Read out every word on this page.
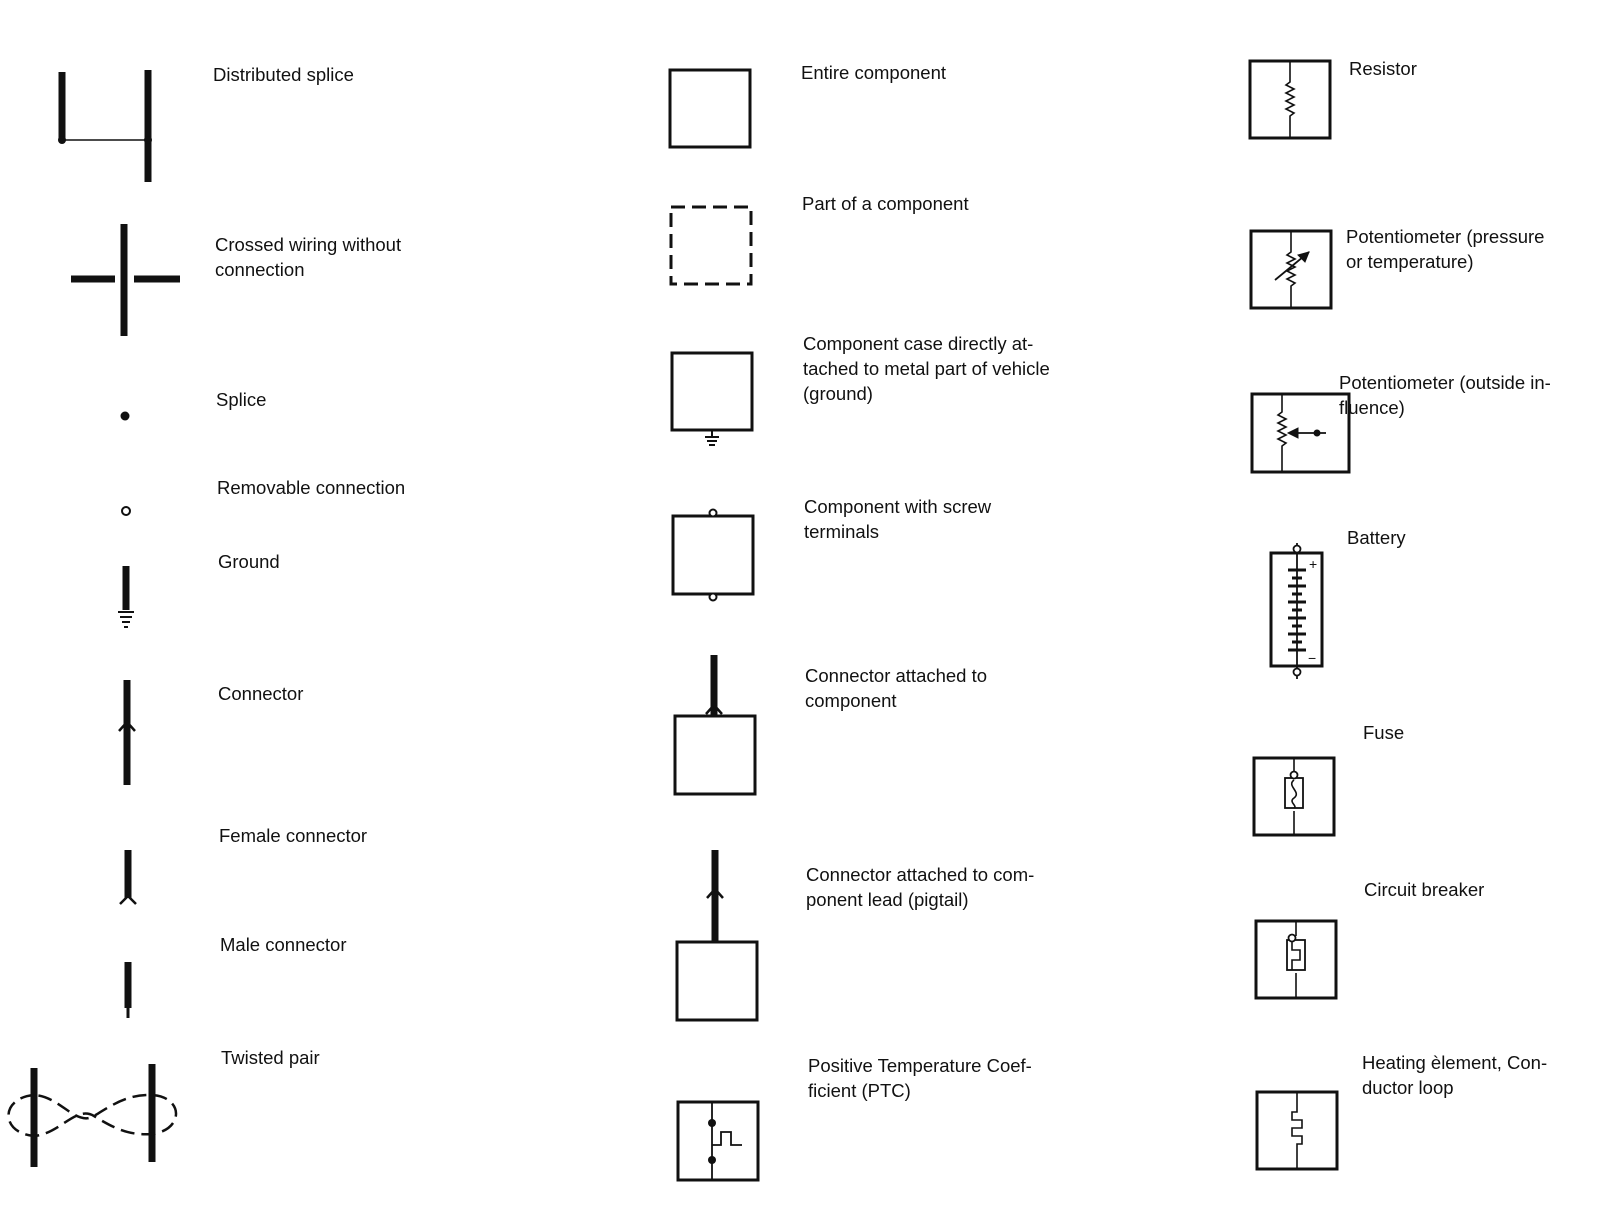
Distributed splice
Crossed wiring without connection
Splice
Removable connection
Ground
Connector
Female connector
Male connector
Twisted pair
Entire component
Part of a component
Component case directly at- tached to metal part of vehicle (ground)
Component with screw terminals
Connector attached to component
Connector attached to com- ponent lead (pigtail)
Positive Temperature Coef- ficient (PTC)
Resistor
Potentiometer (pressure or temperature)
Potentiometer (outside in- fluence)
Battery
Fuse
Circuit breaker
Heating èlement, Con- ductor loop
+
−
